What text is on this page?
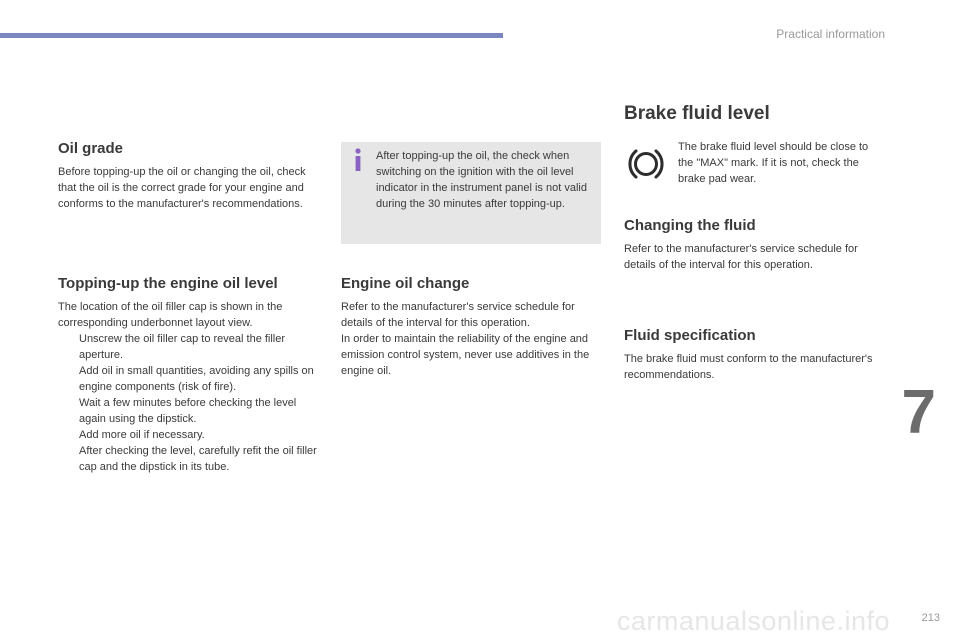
Practical information
Oil grade

Before topping-up the oil or changing the oil, check that the oil is the correct grade for your engine and conforms to the manufacturer's recommendations.

After topping-up the oil, the check when switching on the ignition with the oil level indicator in the instrument panel is not valid during the 30 minutes after topping-up.

Topping-up the engine oil level

The location of the oil filler cap is shown in the corresponding underbonnet layout view.

Unscrew the oil filler cap to reveal the filler aperture.
Add oil in small quantities, avoiding any spills on engine components (risk of fire).
Wait a few minutes before checking the level again using the dipstick.
Add more oil if necessary.
After checking the level, carefully refit the oil filler cap and the dipstick in its tube.
Engine oil change

Refer to the manufacturer's service schedule for details of the interval for this operation.
In order to maintain the reliability of the engine and emission control system, never use additives in the engine oil.

Brake fluid level

The brake fluid level should be close to the "MAX" mark. If it is not, check the brake pad wear.

Changing the fluid

Refer to the manufacturer's service schedule for details of the interval for this operation.

Fluid specification

The brake fluid must conform to the manufacturer's recommendations.

7
carmanualsonline.info	213
